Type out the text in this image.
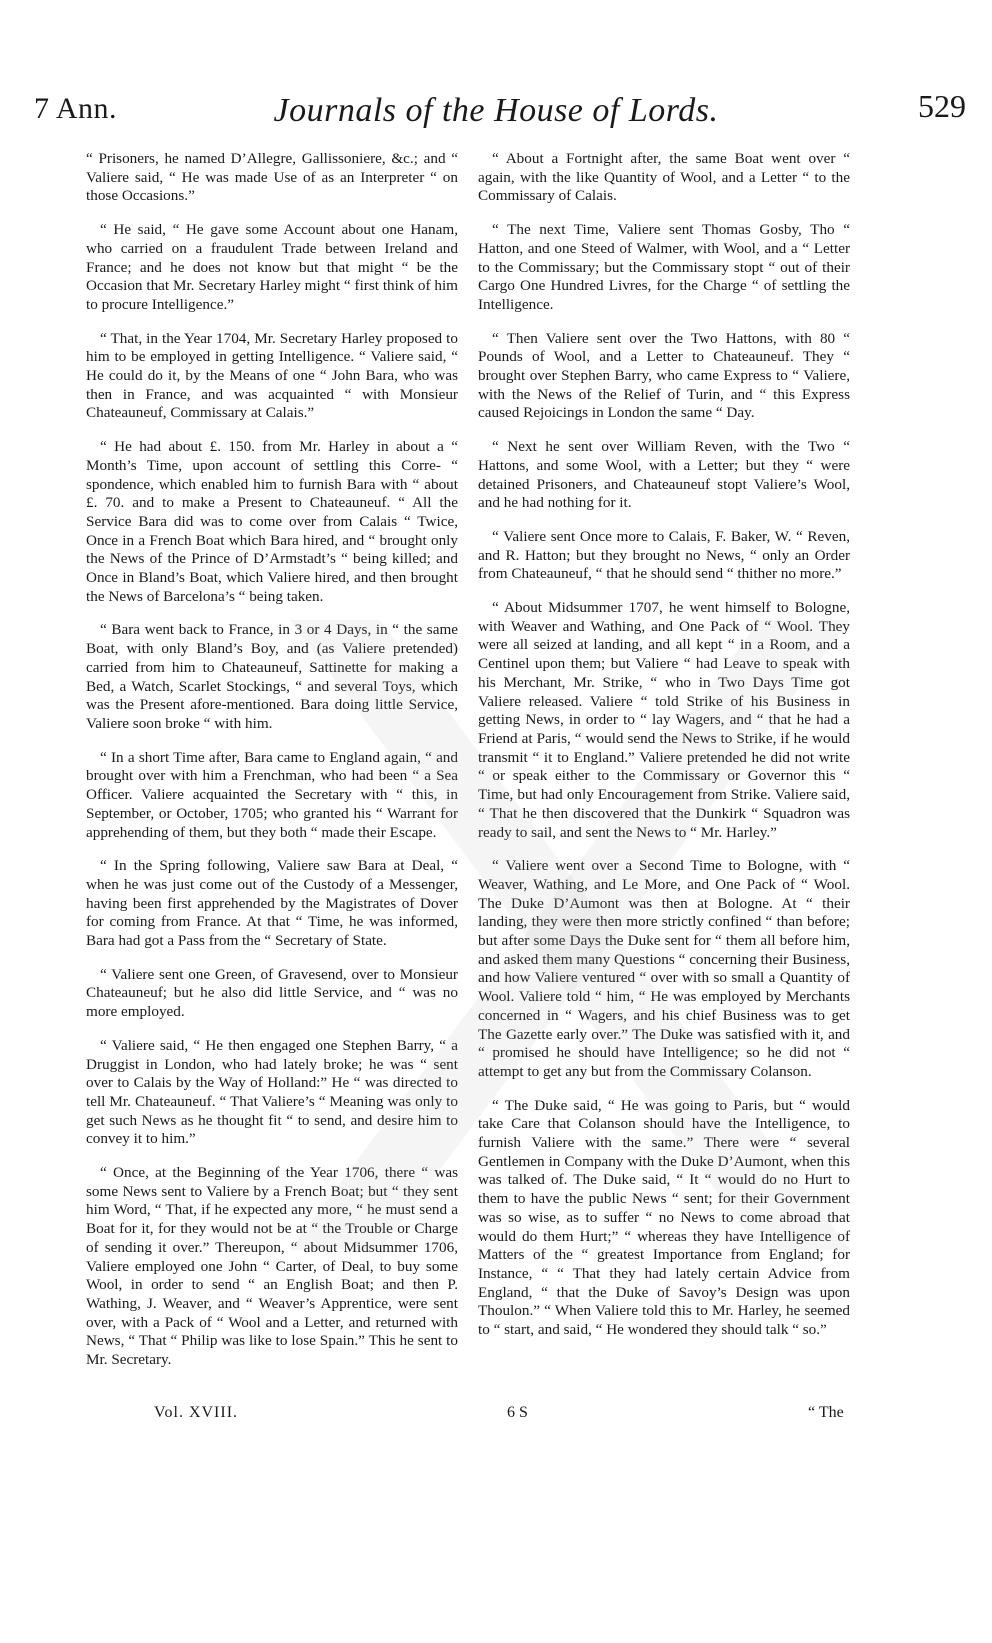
7 Ann.	Journals of the House of Lords.	529

“ Prisoners, he named D’Allegre, Gallissoniere, &c.; and “ Valiere said, “ He was made Use of as an Interpreter “ on those Occasions.”

“ He said, “ He gave some Account about one Hanam, who carried on a fraudulent Trade between Ireland and France; and he does not know but that might “ be the Occasion that Mr. Secretary Harley might “ first think of him to procure Intelligence.”

“ That, in the Year 1704, Mr. Secretary Harley proposed to him to be employed in getting Intelligence. “ Valiere said, “ He could do it, by the Means of one “ John Bara, who was then in France, and was acquainted “ with Monsieur Chateauneuf, Commissary at Calais.”

“ He had about £. 150. from Mr. Harley in about a “ Month’s Time, upon account of settling this Corre- “ spondence, which enabled him to furnish Bara with “ about £. 70. and to make a Present to Chateauneuf. “ All the Service Bara did was to come over from Calais “ Twice, Once in a French Boat which Bara hired, and “ brought only the News of the Prince of D’Armstadt’s “ being killed; and Once in Bland’s Boat, which Valiere hired, and then brought the News of Barcelona’s “ being taken.

“ Bara went back to France, in 3 or 4 Days, in “ the same Boat, with only Bland’s Boy, and (as Valiere pretended) carried from him to Chateauneuf, Sattinette for making a Bed, a Watch, Scarlet Stockings, “ and several Toys, which was the Present afore-mentioned. Bara doing little Service, Valiere soon broke “ with him.

“ In a short Time after, Bara came to England again, “ and brought over with him a Frenchman, who had been “ a Sea Officer. Valiere acquainted the Secretary with “ this, in September, or October, 1705; who granted his “ Warrant for apprehending of them, but they both “ made their Escape.

“ In the Spring following, Valiere saw Bara at Deal, “ when he was just come out of the Custody of a Messenger, having been first apprehended by the Magistrates of Dover for coming from France. At that “ Time, he was informed, Bara had got a Pass from the “ Secretary of State.

“ Valiere sent one Green, of Gravesend, over to Monsieur Chateauneuf; but he also did little Service, and “ was no more employed.

“ Valiere said, “ He then engaged one Stephen Barry, “ a Druggist in London, who had lately broke; he was “ sent over to Calais by the Way of Holland:” He “ was directed to tell Mr. Chateauneuf. “ That Valiere’s “ Meaning was only to get such News as he thought fit “ to send, and desire him to convey it to him.”

“ Once, at the Beginning of the Year 1706, there “ was some News sent to Valiere by a French Boat; but “ they sent him Word, “ That, if he expected any more, “ he must send a Boat for it, for they would not be at “ the Trouble or Charge of sending it over.” Thereupon, “ about Midsummer 1706, Valiere employed one John “ Carter, of Deal, to buy some Wool, in order to send “ an English Boat; and then P. Wathing, J. Weaver, and “ Weaver’s Apprentice, were sent over, with a Pack of “ Wool and a Letter, and returned with News, “ That “ Philip was like to lose Spain.” This he sent to Mr. Secretary.

“ About a Fortnight after, the same Boat went over “ again, with the like Quantity of Wool, and a Letter “ to the Commissary of Calais.

“ The next Time, Valiere sent Thomas Gosby, Tho “ Hatton, and one Steed of Walmer, with Wool, and a “ Letter to the Commissary; but the Commissary stopt “ out of their Cargo One Hundred Livres, for the Charge “ of settling the Intelligence.

“ Then Valiere sent over the Two Hattons, with 80 “ Pounds of Wool, and a Letter to Chateauneuf. They “ brought over Stephen Barry, who came Express to “ Valiere, with the News of the Relief of Turin, and “ this Express caused Rejoicings in London the same “ Day.

“ Next he sent over William Reven, with the Two “ Hattons, and some Wool, with a Letter; but they “ were detained Prisoners, and Chateauneuf stopt Valiere’s Wool, and he had nothing for it.

“ Valiere sent Once more to Calais, F. Baker, W. “ Reven, and R. Hatton; but they brought no News, “ only an Order from Chateauneuf, “ that he should send “ thither no more.”

“ About Midsummer 1707, he went himself to Bologne, with Weaver and Wathing, and One Pack of “ Wool. They were all seized at landing, and all kept “ in a Room, and a Centinel upon them; but Valiere “ had Leave to speak with his Merchant, Mr. Strike, “ who in Two Days Time got Valiere released. Valiere “ told Strike of his Business in getting News, in order to “ lay Wagers, and “ that he had a Friend at Paris, “ would send the News to Strike, if he would transmit “ it to England.” Valiere pretended he did not write “ or speak either to the Commissary or Governor this “ Time, but had only Encouragement from Strike. Valiere said, “ That he then discovered that the Dunkirk “ Squadron was ready to sail, and sent the News to “ Mr. Harley.”

“ Valiere went over a Second Time to Bologne, with “ Weaver, Wathing, and Le More, and One Pack of “ Wool. The Duke D’Aumont was then at Bologne. At “ their landing, they were then more strictly confined “ than before; but after some Days the Duke sent for “ them all before him, and asked them many Questions “ concerning their Business, and how Valiere ventured “ over with so small a Quantity of Wool. Valiere told “ him, “ He was employed by Merchants concerned in “ Wagers, and his chief Business was to get The Gazette early over.” The Duke was satisfied with it, and “ promised he should have Intelligence; so he did not “ attempt to get any but from the Commissary Colanson.

“ The Duke said, “ He was going to Paris, but “ would take Care that Colanson should have the Intelligence, to furnish Valiere with the same.” There were “ several Gentlemen in Company with the Duke D’Aumont, when this was talked of. The Duke said, “ It “ would do no Hurt to them to have the public News “ sent; for their Government was so wise, as to suffer “ no News to come abroad that would do them Hurt;” “ whereas they have Intelligence of Matters of the “ greatest Importance from England; for Instance, “ “ That they had lately certain Advice from England, “ that the Duke of Savoy’s Design was upon Thoulon.” “ When Valiere told this to Mr. Harley, he seemed to “ start, and said, “ He wondered they should talk “ so.”

Vol. XVIII.	6 S	“ The
